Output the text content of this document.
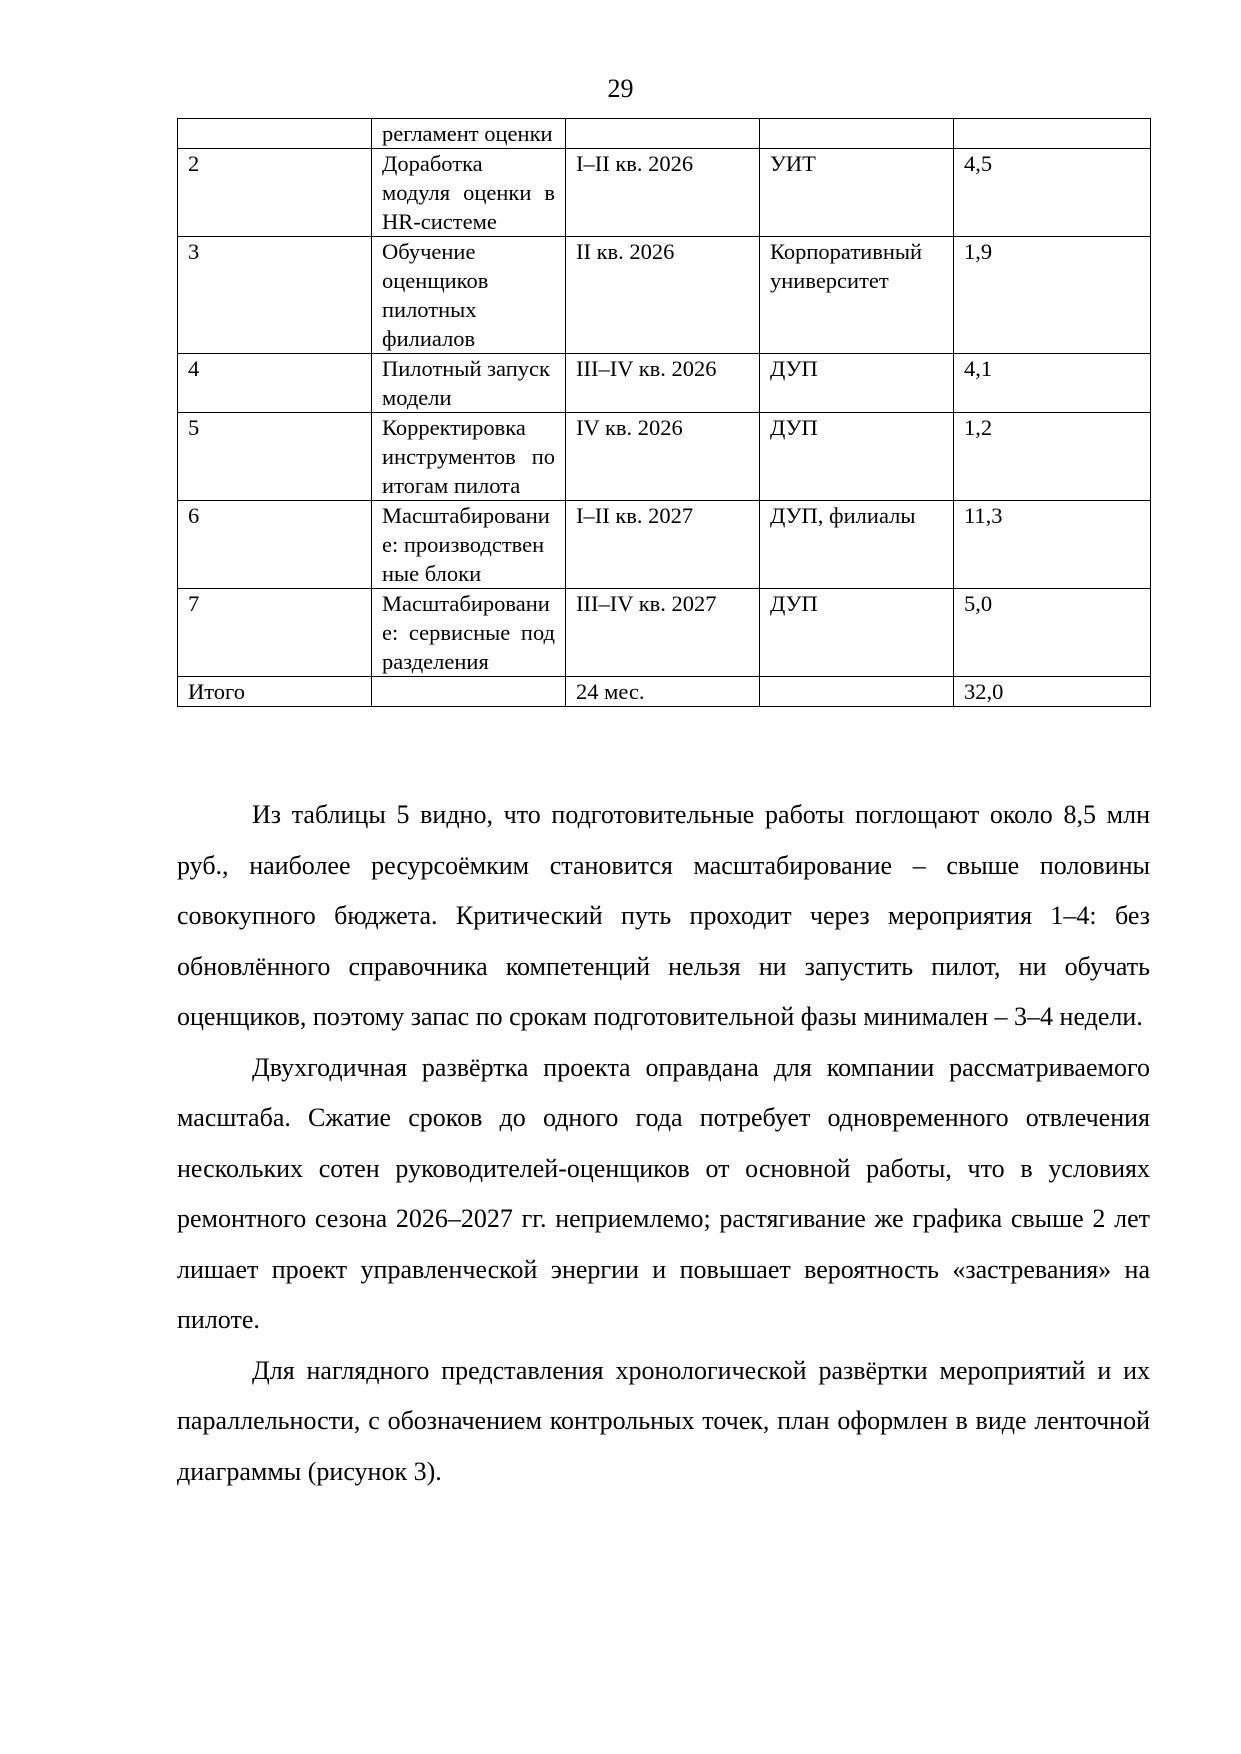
29
	регламент оценки			
2	Доработка модуля оценки в HR-системе	I–II кв. 2026	УИТ	4,5
3	Обучение оценщиков пилотных филиалов	II кв. 2026	Корпоративный университет	1,9
4	Пилотный запуск модели	III–IV кв. 2026	ДУП	4,1
5	Корректировка инструментов по итогам пилота	IV кв. 2026	ДУП	1,2
6	Масштабирование: производственные блоки	I–II кв. 2027	ДУП, филиалы	11,3
7	Масштабирование: сервисные подразделения	III–IV кв. 2027	ДУП	5,0
Итого		24 мес.		32,0

Из таблицы 5 видно, что подготовительные работы поглощают около 8,5 млн руб., наиболее ресурсоёмким становится масштабирование – свыше половины совокупного бюджета. Критический путь проходит через мероприятия 1–4: без обновлённого справочника компетенций нельзя ни запустить пилот, ни обучать оценщиков, поэтому запас по срокам подготовительной фазы минимален – 3–4 недели.

Двухгодичная развёртка проекта оправдана для компании рассматриваемого масштаба. Сжатие сроков до одного года потребует одновременного отвлечения нескольких сотен руководителей-оценщиков от основной работы, что в условиях ремонтного сезона 2026–2027 гг. неприемлемо; растягивание же графика свыше 2 лет лишает проект управленческой энергии и повышает вероятность «застревания» на пилоте.

Для наглядного представления хронологической развёртки мероприятий и их параллельности, с обозначением контрольных точек, план оформлен в виде ленточной диаграммы (рисунок 3).
